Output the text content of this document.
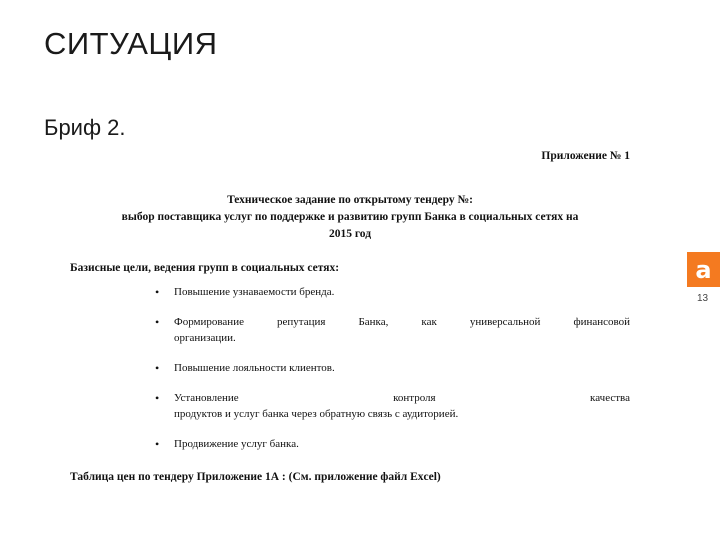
СИТУАЦИЯ
Бриф 2.

Приложение № 1

Техническое задание по открытому тендеру №:
выбор поставщика услуг по поддержке и развитию групп Банка в социальных сетях на
2015 год
Базисные цели, ведения групп в социальных сетях:
• Повышение узнаваемости бренда.
• Формирование	репутация	Банка,	как	универсальной	финансовой
организации.
• Повышение лояльности клиентов.
• Установление	контроля	качества
продуктов и услуг банка через обратную связь с аудиторией.
• Продвижение услуг банка.
Таблица цен по тендеру Приложение 1А : (См. приложение файл Excel)
a
13
